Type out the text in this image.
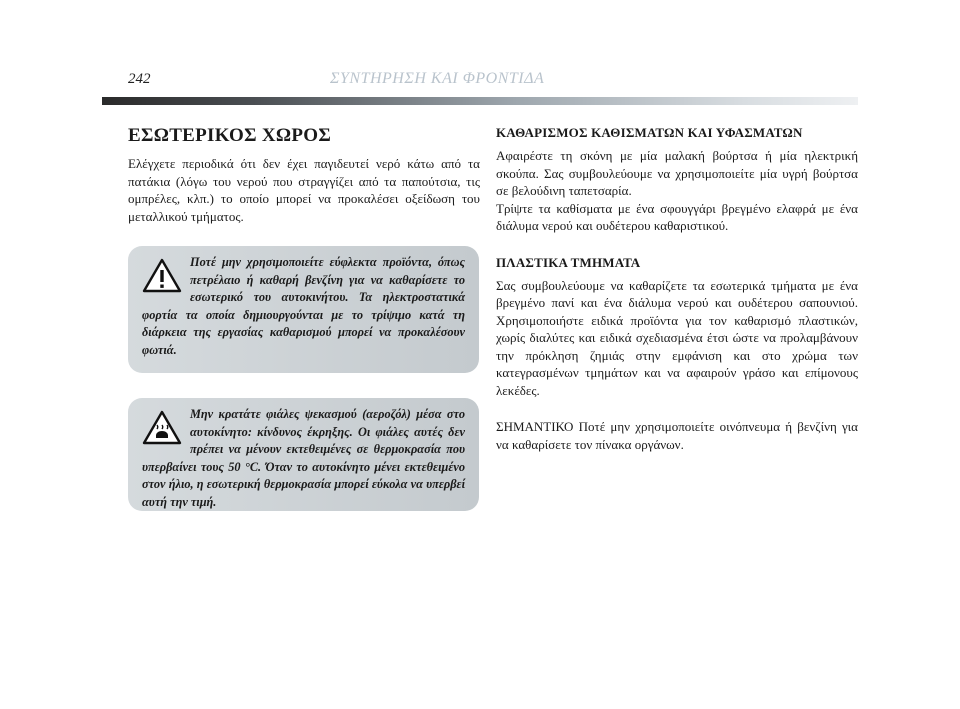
242	ΣΥΝΤΗΡΗΣΗ ΚΑΙ ΦΡΟΝΤΙΔΑ
ΕΣΩΤΕΡΙΚΟΣ ΧΩΡΟΣ

Ελέγχετε περιοδικά ότι δεν έχει παγιδευτεί νερό κάτω από τα πατάκια (λόγω του νερού που στραγγίζει από τα παπούτσια, τις ομπρέλες, κλπ.) το οποίο μπορεί να προκαλέσει οξείδωση του μεταλλικού τμήματος.

Ποτέ μην χρησιμοποιείτε εύφλεκτα προϊόντα, όπως πετρέλαιο ή καθαρή βενζίνη για να καθαρίσετε το εσωτερικό του αυτοκινήτου. Τα ηλεκτροστατικά φορτία τα οποία δημιουργούνται με το τρίψιμο κατά τη διάρκεια της εργασίας καθαρισμού μπορεί να προκαλέσουν φωτιά.
Μην κρατάτε φιάλες ψεκασμού (αεροζόλ) μέσα στο αυτοκίνητο: κίνδυνος έκρηξης. Οι φιάλες αυτές δεν πρέπει να μένουν εκτεθειμένες σε θερμοκρασία που υπερβαίνει τους 50 °C. Όταν το αυτοκίνητο μένει εκτεθειμένο στον ήλιο, η εσωτερική θερμοκρασία μπορεί εύκολα να υπερβεί αυτή την τιμή.
ΚΑΘΑΡΙΣΜΟΣ ΚΑΘΙΣΜΑΤΩΝ ΚΑΙ ΥΦΑΣΜΑΤΩΝ

Αφαιρέστε τη σκόνη με μία μαλακή βούρτσα ή μία ηλεκτρική σκούπα. Σας συμβουλεύουμε να χρησιμοποιείτε μία υγρή βούρτσα σε βελούδινη ταπετσαρία.

Τρίψτε τα καθίσματα με ένα σφουγγάρι βρεγμένο ελαφρά με ένα διάλυμα νερού και ουδέτερου καθαριστικού.

ΠΛΑΣΤΙΚΑ ΤΜΗΜΑΤΑ

Σας συμβουλεύουμε να καθαρίζετε τα εσωτερικά τμήματα με ένα βρεγμένο πανί και ένα διάλυμα νερού και ουδέτερου σαπουνιού. Χρησιμοποιήστε ειδικά προϊόντα για τον καθαρισμό πλαστικών, χωρίς διαλύτες και ειδικά σχεδιασμένα έτσι ώστε να προλαμβάνουν την πρόκληση ζημιάς στην εμφάνιση και στο χρώμα των κατεγρασμένων τμημάτων και να αφαιρούν γράσο και επίμονους λεκέδες.

ΣΗΜΑΝΤΙΚΟ Ποτέ μην χρησιμοποιείτε οινόπνευμα ή βενζίνη για να καθαρίσετε τον πίνακα οργάνων.
